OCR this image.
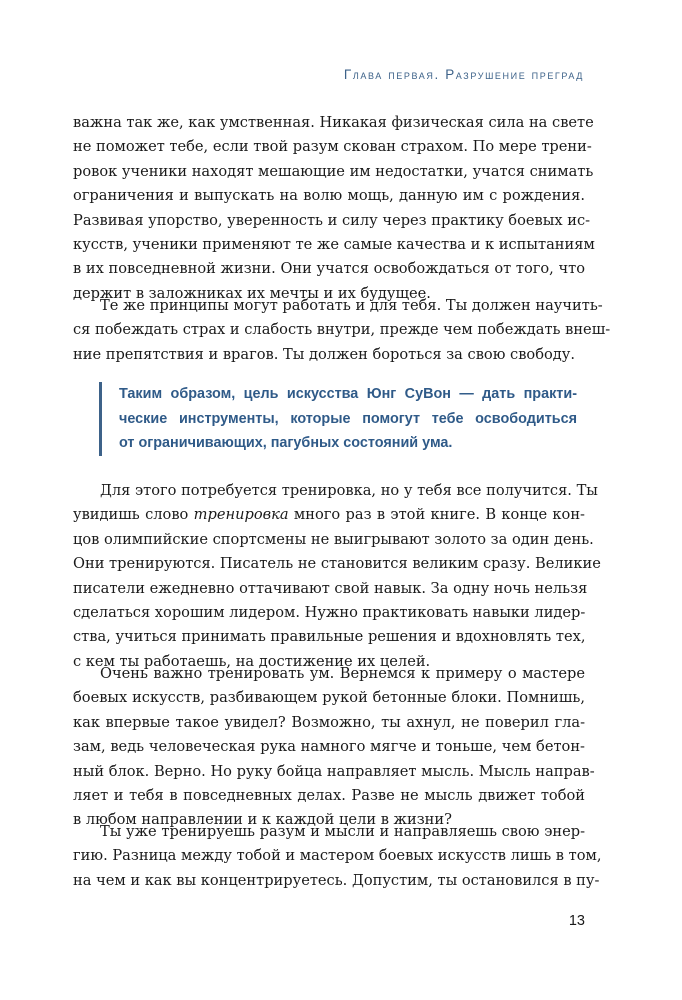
Глава первая. Разрушение преград
важна так же, как умственная. Никакая физическая сила на свете
не поможет тебе, если твой разум скован страхом. По мере трени-
ровок ученики находят мешающие им недостатки, учатся снимать
ограничения и выпускать на волю мощь, данную им с рождения.
Развивая упорство, уверенность и силу через практику боевых ис-
кусств, ученики применяют те же самые качества и к испытаниям
в их повседневной жизни. Они учатся освобождаться от того, что
держит в заложниках их мечты и их будущее.
Те же принципы могут работать и для тебя. Ты должен научить-
ся побеждать страх и слабость внутри, прежде чем побеждать внеш-
ние препятствия и врагов. Ты должен бороться за свою свободу.
Таким образом, цель искусства Юнг СуВон — дать практи-
ческие инструменты, которые помогут тебе освободиться
от ограничивающих, пагубных состояний ума.
Для этого потребуется тренировка, но у тебя все получится. Ты
увидишь слово тренировка много раз в этой книге. В конце кон-
цов олимпийские спортсмены не выигрывают золото за один день.
Они тренируются. Писатель не становится великим сразу. Великие
писатели ежедневно оттачивают свой навык. За одну ночь нельзя
сделаться хорошим лидером. Нужно практиковать навыки лидер-
ства, учиться принимать правильные решения и вдохновлять тех,
с кем ты работаешь, на достижение их целей.
Очень важно тренировать ум. Вернемся к примеру о мастере
боевых искусств, разбивающем рукой бетонные блоки. Помнишь,
как впервые такое увидел? Возможно, ты ахнул, не поверил гла-
зам, ведь человеческая рука намного мягче и тоньше, чем бетон-
ный блок. Верно. Но руку бойца направляет мысль. Мысль направ-
ляет и тебя в повседневных делах. Разве не мысль движет тобой
в любом направлении и к каждой цели в жизни?
Ты уже тренируешь разум и мысли и направляешь свою энер-
гию. Разница между тобой и мастером боевых искусств лишь в том,
на чем и как вы концентрируетесь. Допустим, ты остановился в пу-
13
